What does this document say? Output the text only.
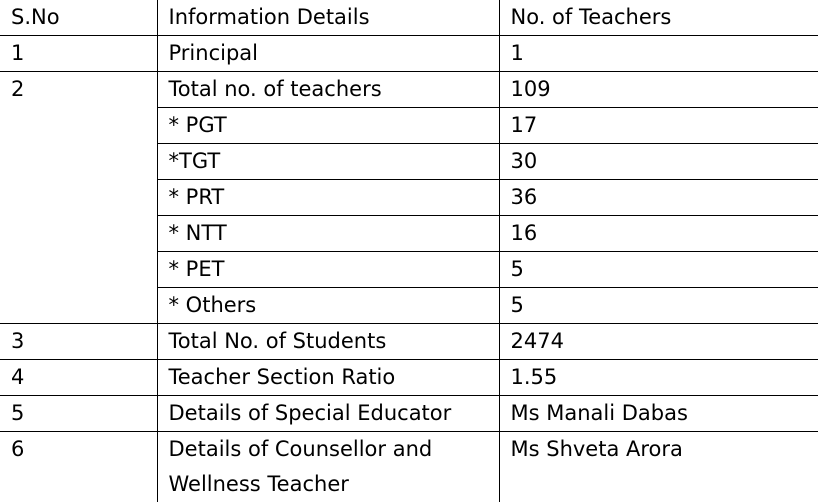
S.No	Information Details	No. of Teachers
1	Principal	1
2	Total no. of teachers	109
	* PGT	17
	*TGT	30
	* PRT	36
	* NTT	16
	* PET	5
	* Others	5
3	Total No. of Students	2474
4	Teacher Section Ratio	1.55
5	Details of Special Educator	Ms Manali Dabas
6	Details of Counsellor and Wellness Teacher	Ms Shveta Arora
